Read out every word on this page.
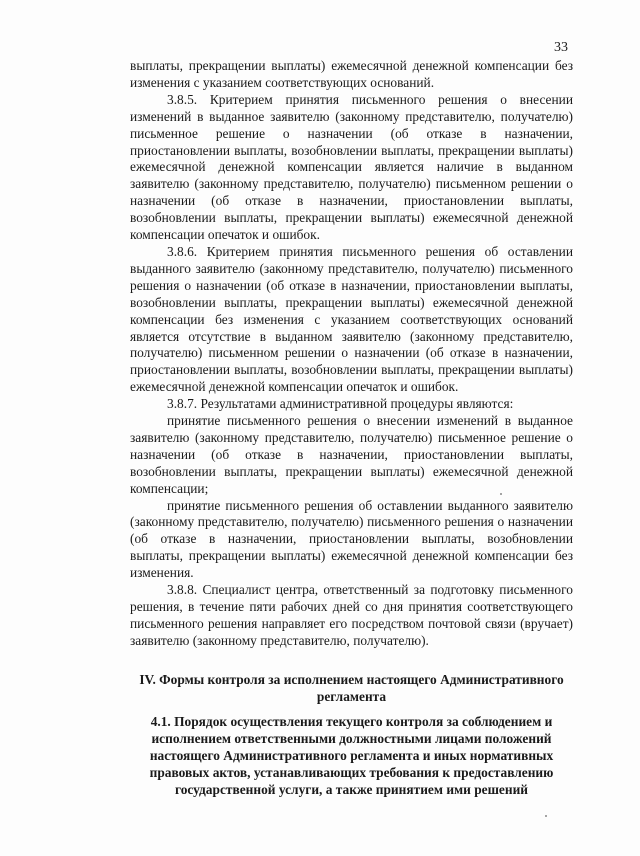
33

выплаты, прекращении выплаты) ежемесячной денежной компенсации без изменения с указанием соответствующих оснований.

3.8.5. Критерием принятия письменного решения о внесении изменений в выданное заявителю (законному представителю, получателю) письменное решение о назначении (об отказе в назначении, приостановлении выплаты, возобновлении выплаты, прекращении выплаты) ежемесячной денежной компенсации является наличие в выданном заявителю (законному представителю, получателю) письменном решении о назначении (об отказе в назначении, приостановлении выплаты, возобновлении выплаты, прекращении выплаты) ежемесячной денежной компенсации опечаток и ошибок.

3.8.6. Критерием принятия письменного решения об оставлении выданного заявителю (законному представителю, получателю) письменного решения о назначении (об отказе в назначении, приостановлении выплаты, возобновлении выплаты, прекращении выплаты) ежемесячной денежной компенсации без изменения с указанием соответствующих оснований является отсутствие в выданном заявителю (законному представителю, получателю) письменном решении о назначении (об отказе в назначении, приостановлении выплаты, возобновлении выплаты, прекращении выплаты) ежемесячной денежной компенсации опечаток и ошибок.

3.8.7. Результатами административной процедуры являются:

принятие письменного решения о внесении изменений в выданное заявителю (законному представителю, получателю) письменное решение о назначении (об отказе в назначении, приостановлении выплаты, возобновлении выплаты, прекращении выплаты) ежемесячной денежной компенсации;

принятие письменного решения об оставлении выданного заявителю (законному представителю, получателю) письменного решения о назначении (об отказе в назначении, приостановлении выплаты, возобновлении выплаты, прекращении выплаты) ежемесячной денежной компенсации без изменения.

3.8.8. Специалист центра, ответственный за подготовку письменного решения, в течение пяти рабочих дней со дня принятия соответствующего письменного решения направляет его посредством почтовой связи (вручает) заявителю (законному представителю, получателю).

IV. Формы контроля за исполнением настоящего Административного регламента
4.1. Порядок осуществления текущего контроля за соблюдением и исполнением ответственными должностными лицами положений настоящего Административного регламента и иных нормативных правовых актов, устанавливающих требования к предоставлению государственной услуги, а также принятием ими решений
